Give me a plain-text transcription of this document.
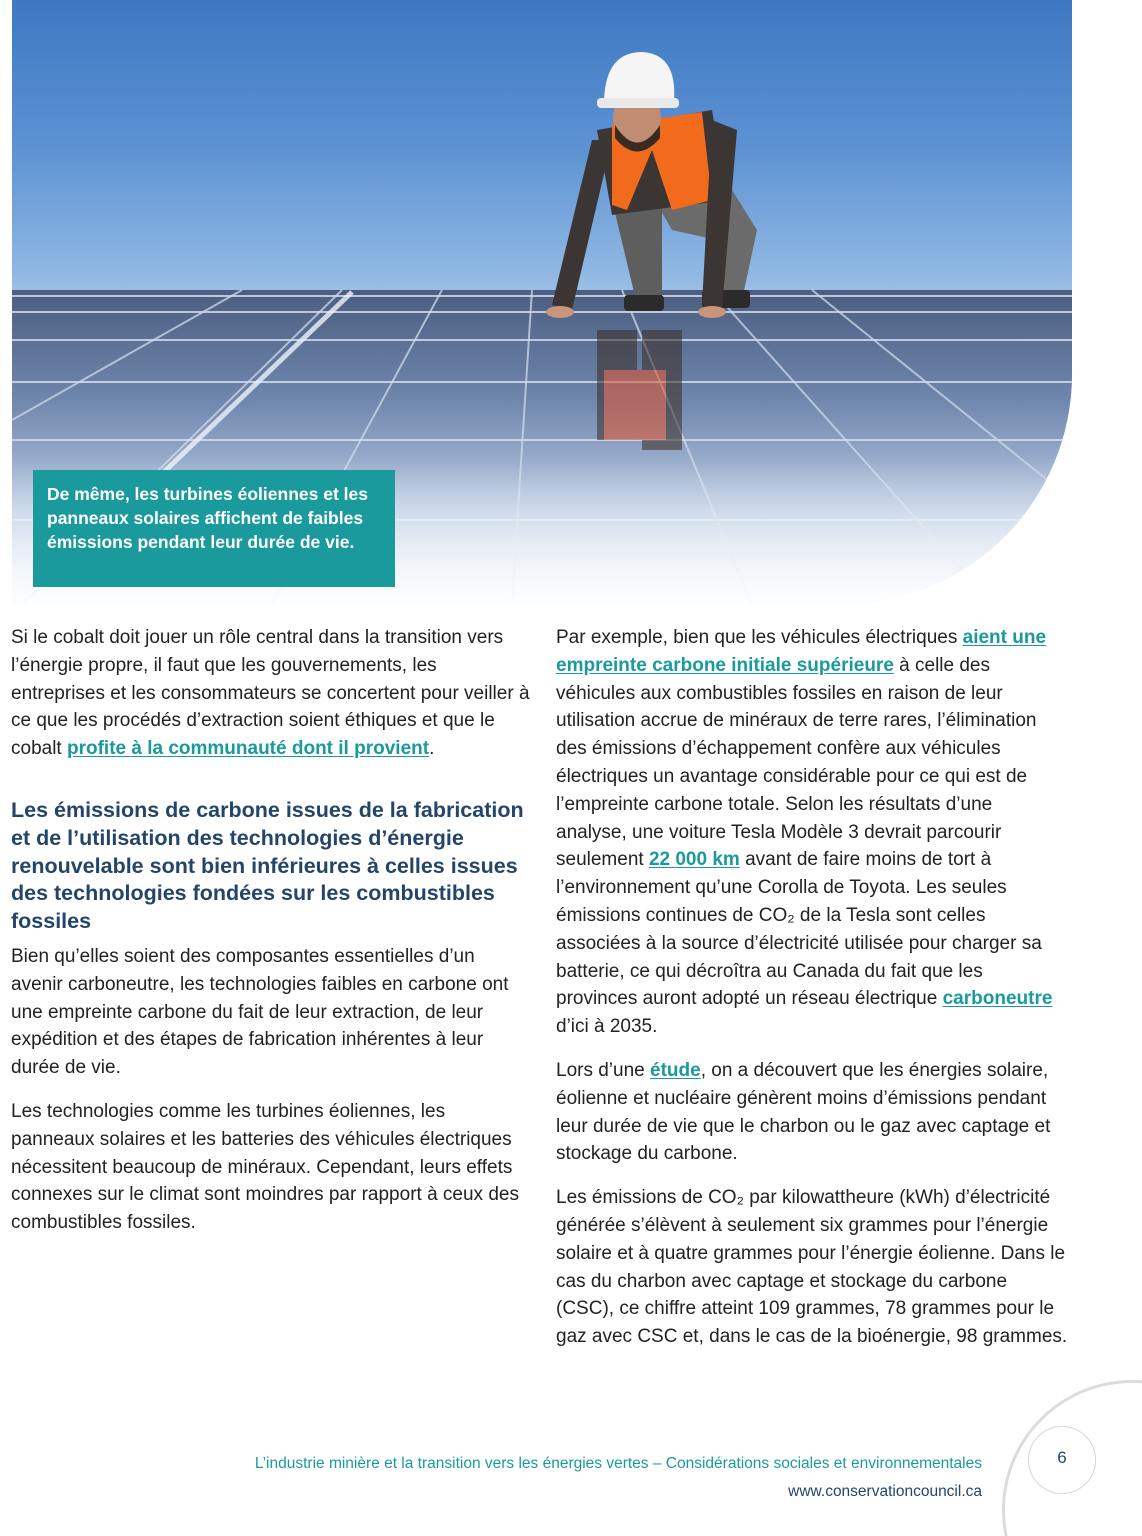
De même, les turbines éoliennes et les panneaux solaires affichent de faibles émissions pendant leur durée de vie.

Si le cobalt doit jouer un rôle central dans la transition vers l’énergie propre, il faut que les gouvernements, les entreprises et les consommateurs se concertent pour veiller à ce que les procédés d’extraction soient éthiques et que le cobalt profite à la communauté dont il provient.

Les émissions de carbone issues de la fabrication et de l’utilisation des technologies d’énergie renouvelable sont bien inférieures à celles issues des technologies fondées sur les combustibles fossiles

Bien qu’elles soient des composantes essentielles d’un avenir carboneutre, les technologies faibles en carbone ont une empreinte carbone du fait de leur extraction, de leur expédition et des étapes de fabrication inhérentes à leur durée de vie.

Les technologies comme les turbines éoliennes, les panneaux solaires et les batteries des véhicules électriques nécessitent beaucoup de minéraux. Cependant, leurs effets connexes sur le climat sont moindres par rapport à ceux des combustibles fossiles.

Par exemple, bien que les véhicules électriques aient une empreinte carbone initiale supérieure à celle des véhicules aux combustibles fossiles en raison de leur utilisation accrue de minéraux de terre rares, l’élimination des émissions d’échappement confère aux véhicules électriques un avantage considérable pour ce qui est de l’empreinte carbone totale. Selon les résultats d’une analyse, une voiture Tesla Modèle 3 devrait parcourir seulement 22 000 km avant de faire moins de tort à l’environnement qu’une Corolla de Toyota. Les seules émissions continues de CO₂ de la Tesla sont celles associées à la source d’électricité utilisée pour charger sa batterie, ce qui décroîtra au Canada du fait que les provinces auront adopté un réseau électrique carboneutre d’ici à 2035.

Lors d’une étude, on a découvert que les énergies solaire, éolienne et nucléaire génèrent moins d’émissions pendant leur durée de vie que le charbon ou le gaz avec captage et stockage du carbone.

Les émissions de CO₂ par kilowattheure (kWh) d’électricité générée s’élèvent à seulement six grammes pour l’énergie solaire et à quatre grammes pour l’énergie éolienne. Dans le cas du charbon avec captage et stockage du carbone (CSC), ce chiffre atteint 109 grammes, 78 grammes pour le gaz avec CSC et, dans le cas de la bioénergie, 98 grammes.

L’industrie minière et la transition vers les énergies vertes – Considérations sociales et environnementales
www.conservationcouncil.ca
6
